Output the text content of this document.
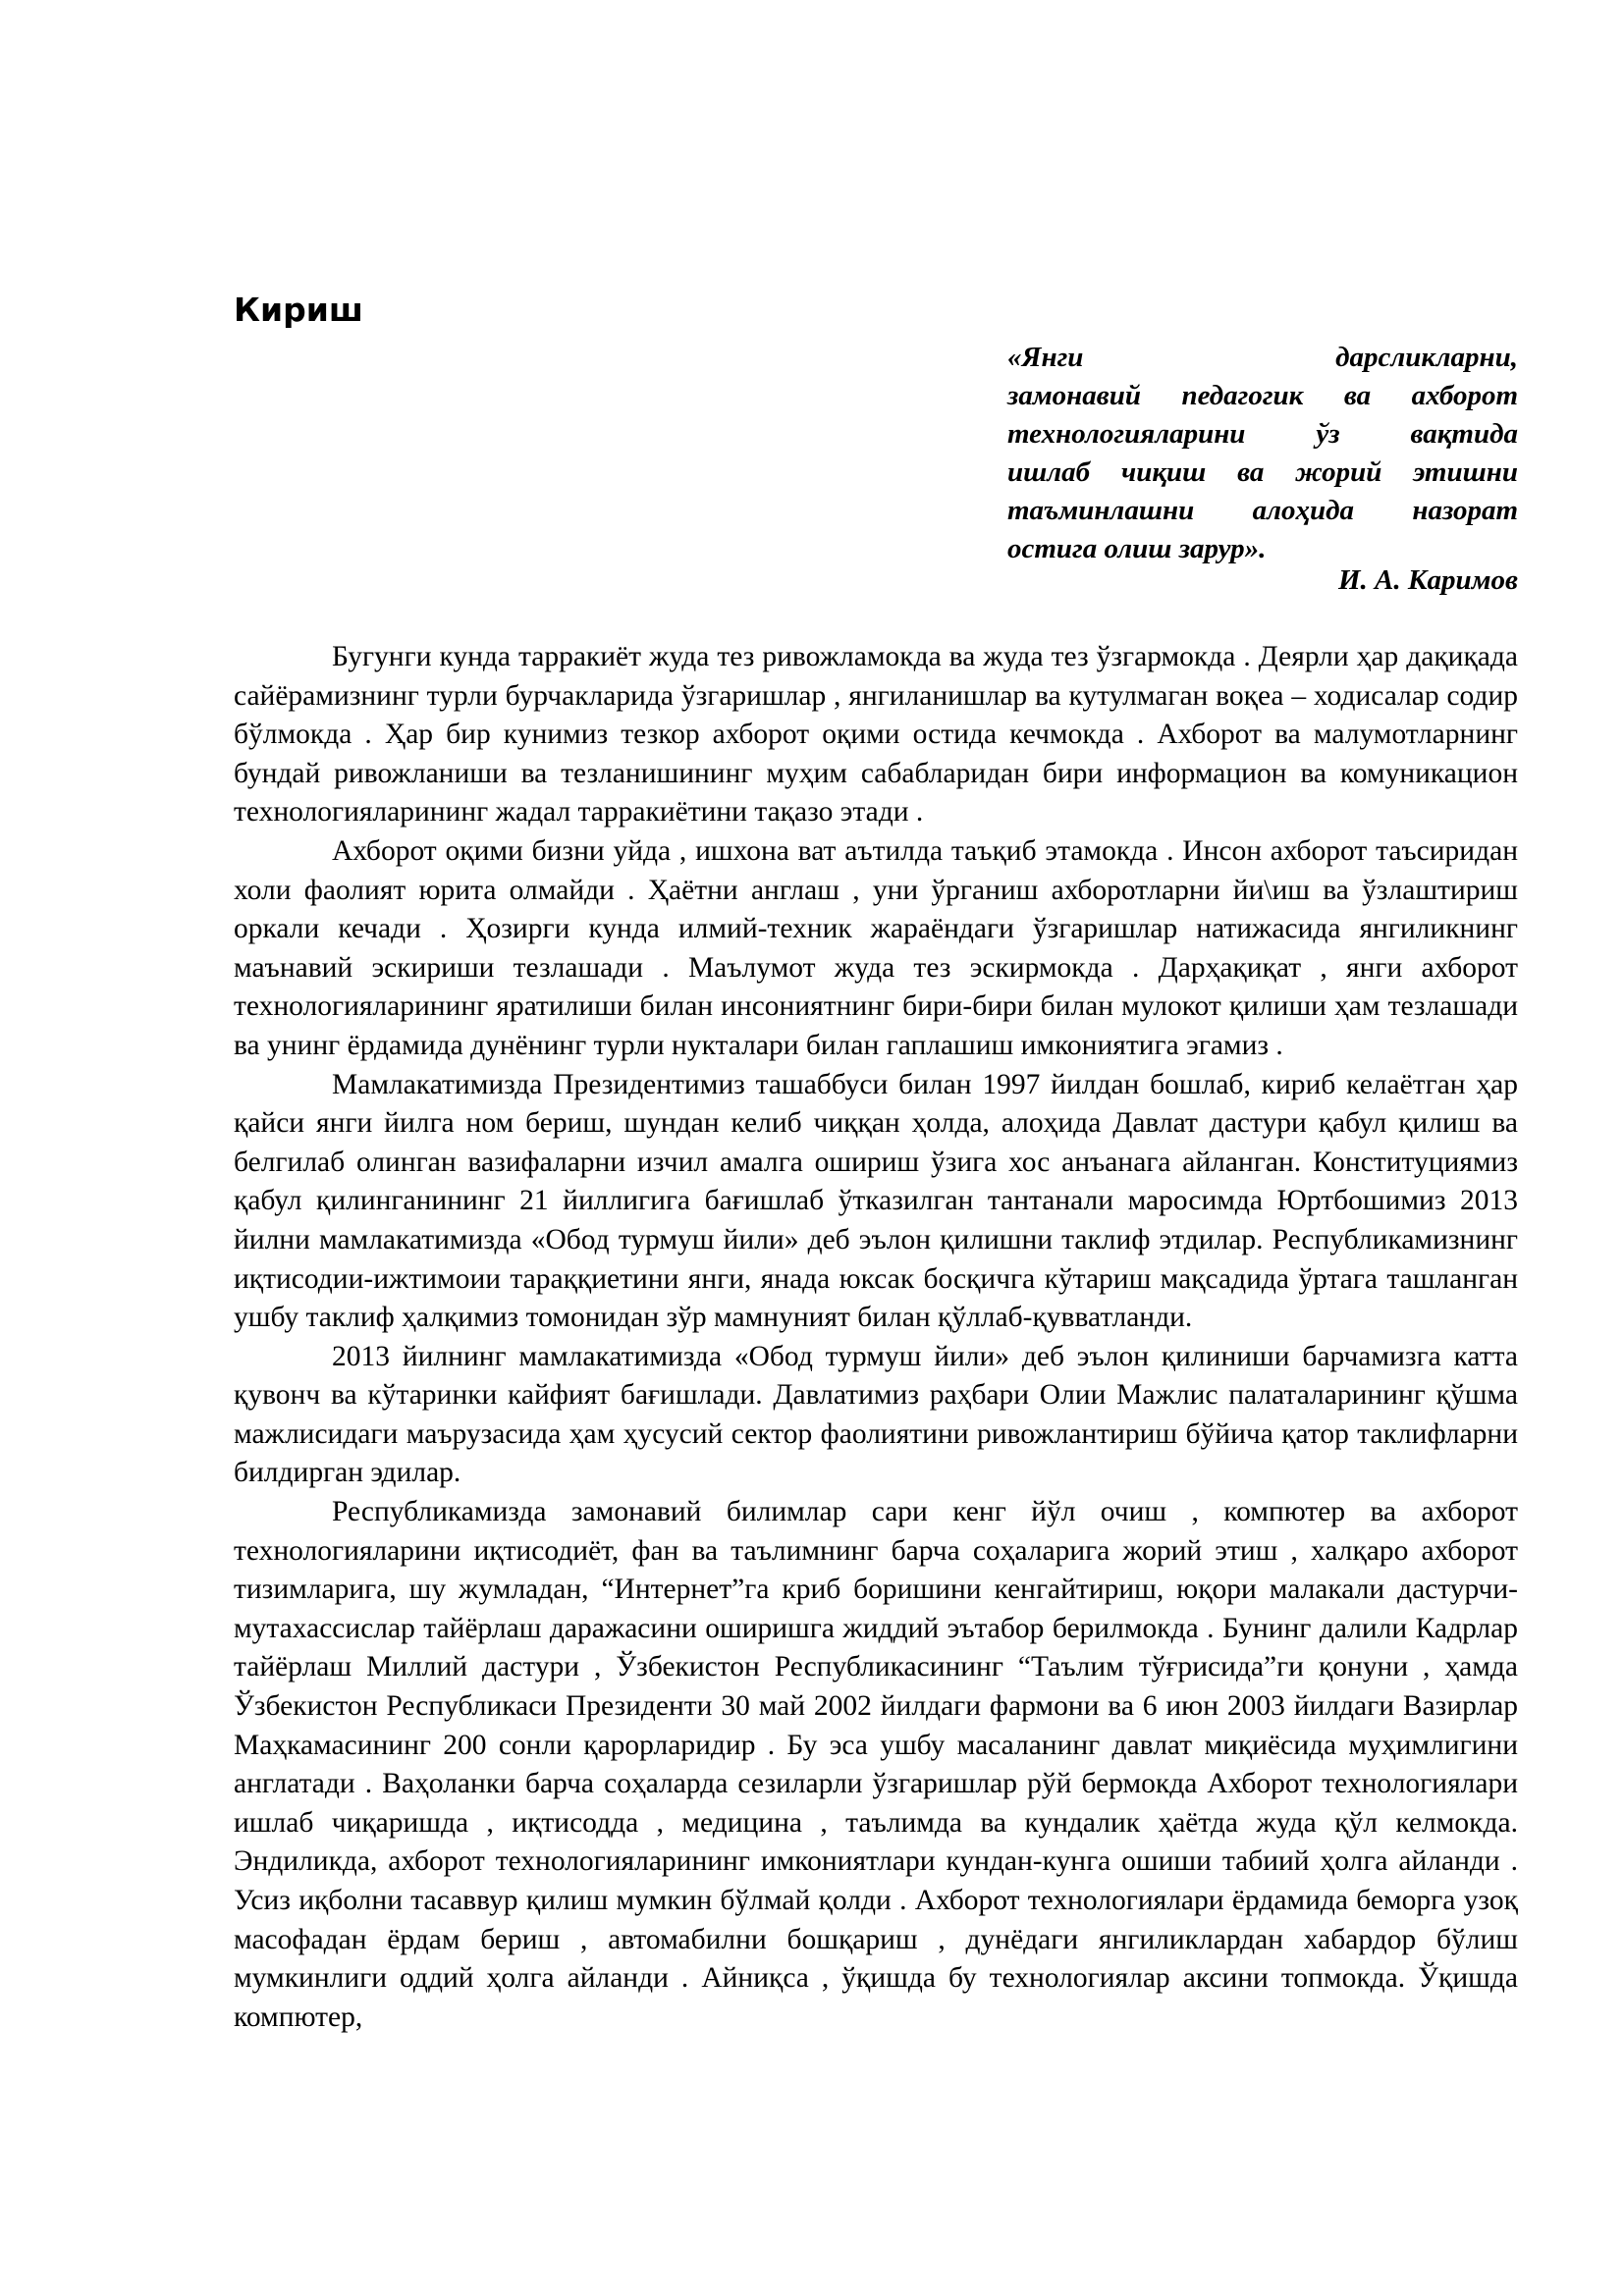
Кириш
«Янги дарсликларни,
замонавий педагогик ва ахборот
технологияларини ўз вақтида
ишлаб чиқиш ва жорий этишни
таъминлашни алоҳида назорат
остига олиш зарур».
И. А. Каримов

Бугунги кунда тарракиёт жуда тез ривожламокда ва жуда тез ўзгармокда . Деярли ҳар дақиқада сайёрамизнинг турли бурчакларида ўзгаришлар , янгиланишлар ва кутулмаган воқеа – ходисалар содир бўлмокда . Ҳар бир кунимиз тезкор ахборот оқими остида кечмокда . Ахборот ва малумотларнинг бундай ривожланиши ва тезланишининг муҳим сабабларидан бири информацион ва комуникацион технологияларининг жадал тарракиётини тақазо этади .

Ахборот оқими бизни уйда , ишхона ват аътилда таъқиб этамокда . Инсон ахборот таъсиридан холи фаолият юрита олмайди . Ҳаётни англаш , уни ўрганиш ахборотларни йи\иш ва ўзлаштириш оркали кечади . Ҳозирги кунда илмий-техник жараёндаги ўзгаришлар натижасида янгиликнинг маънавий эскириши тезлашади . Маълумот жуда тез эскирмокда . Дарҳақиқат , янги ахборот технологияларининг яратилиши билан инсониятнинг бири-бири билан мулокот қилиши ҳам тезлашади ва унинг ёрдамида дунёнинг турли нукталари билан гаплашиш имкониятига эгамиз .

Мамлакатимизда Президентимиз ташаббуси билан 1997 йилдан бошлаб, кириб келаётган ҳар қайси янги йилга ном бериш, шундан келиб чиққан ҳолда, алоҳида Давлат дастури қабул қилиш ва белгилаб олинган вазифаларни изчил амалга ошириш ўзига хос анъанага айланган. Конституциямиз қабул қилинганининг 21 йиллигига бағишлаб ўтказилган тантанали маросимда Юртбошимиз 2013 йилни мамлакатимизда «Обод турмуш йили» деб эълон қилишни таклиф этдилар. Республикамизнинг иқтисодии-ижтимоии тараққиетини янги, янада юксак босқичга кўтариш мақсадида ўртага ташланган ушбу таклиф ҳалқимиз томонидан зўр мамнуният билан қўллаб-қувватланди.

2013 йилнинг мамлакатимизда «Обод турмуш йили» деб эълон қилиниши барчамизга катта қувонч ва кўтаринки кайфият бағишлади. Давлатимиз раҳбари Олии Мажлис палаталарининг қўшма мажлисидаги маърузасида ҳам ҳусусий сектор фаолиятини ривожлантириш бўйича қатор таклифларни билдирган эдилар.

Республикамизда замонавий билимлар сари кенг йўл очиш , компютер ва ахборот технологияларини иқтисодиёт, фан ва таълимнинг барча соҳаларига жорий этиш , халқаро ахборот тизимларига, шу жумладан, “Интернет”га криб боришини кенгайтириш, юқори малакали дастурчи-мутахассислар тайёрлаш даражасини оширишга жиддий эътабор берилмокда . Бунинг далили Кадрлар тайёрлаш Миллий дастури , Ўзбекистон Республикасининг “Таълим тўғрисида”ги қонуни , ҳамда Ўзбекистон Республикаси Президенти 30 май 2002 йилдаги фармони ва 6 июн 2003 йилдаги Вазирлар Маҳкамасининг 200 сонли қарорларидир . Бу эса ушбу масаланинг давлат миқиёсида муҳимлигини англатади . Ваҳоланки барча соҳаларда сезиларли ўзгаришлар рўй бермокда Ахборот технологиялари ишлаб чиқаришда , иқтисодда , медицина , таълимда ва кундалик ҳаётда жуда қўл келмокда. Эндиликда, ахборот технологияларининг имкониятлари кундан-кунга ошиши табиий ҳолга айланди . Усиз иқболни тасаввур қилиш мумкин бўлмай қолди . Ахборот технологиялари ёрдамида беморга узоқ масофадан ёрдам бериш , автомабилни бошқариш , дунёдаги янгиликлардан хабардор бўлиш мумкинлиги оддий ҳолга айланди . Айниқса , ўқишда бу технологиялар аксини топмокда. Ўқишда компютер,
